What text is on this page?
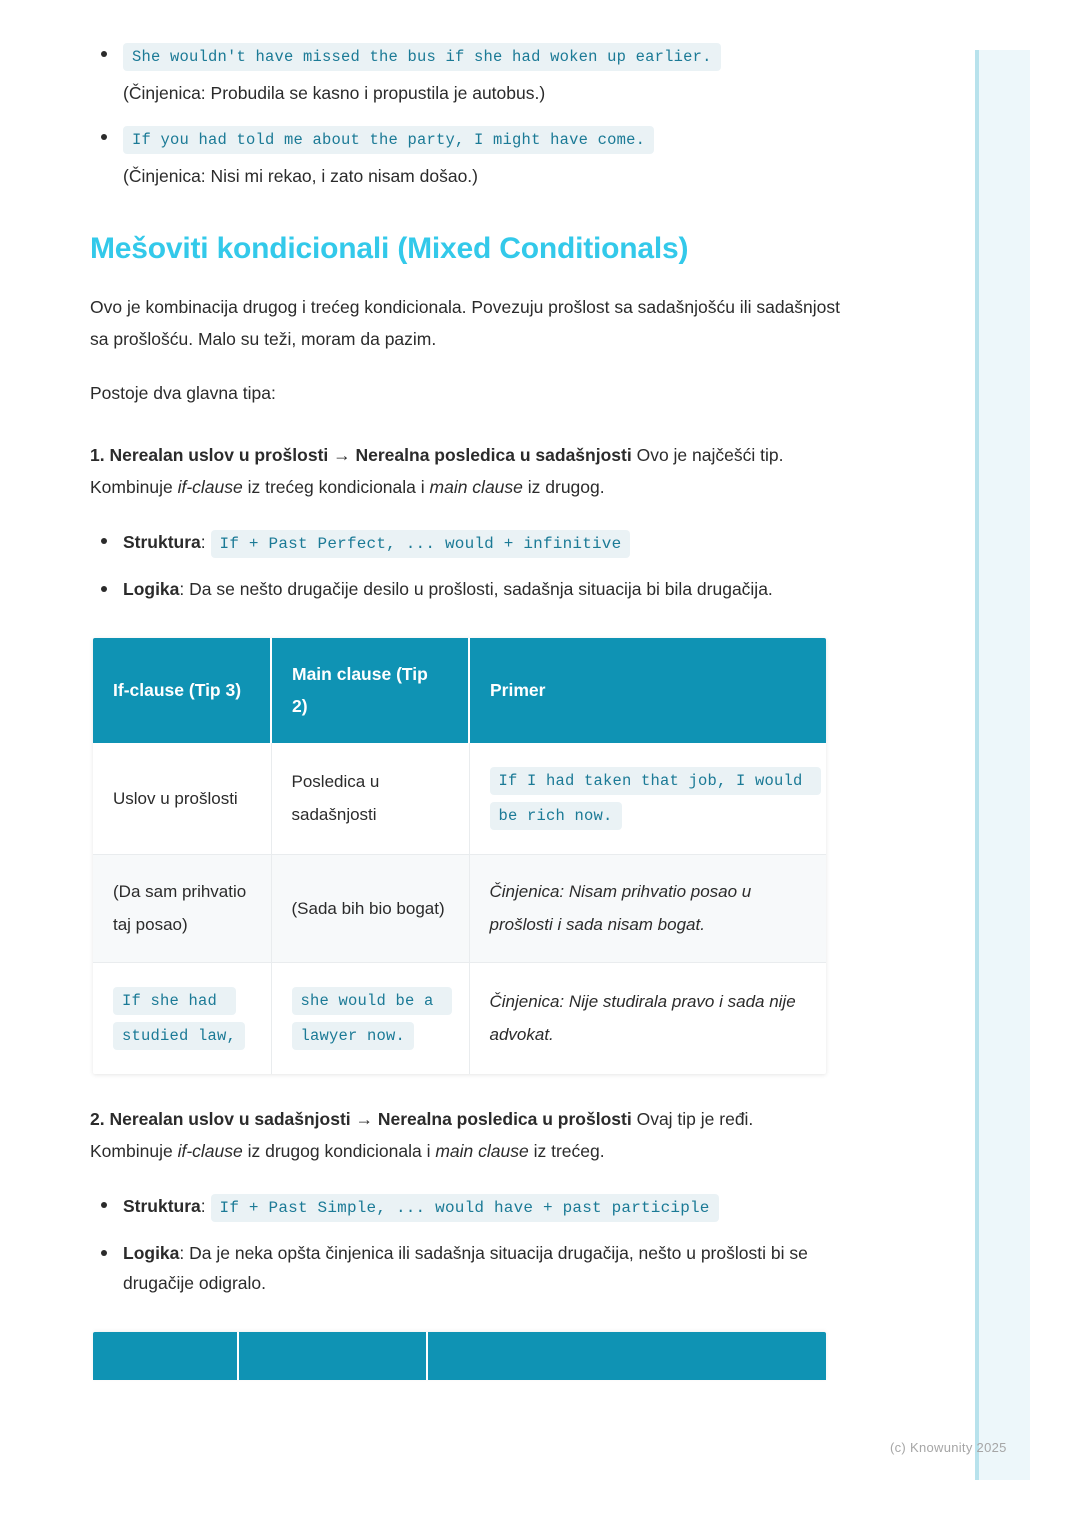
She wouldn't have missed the bus if she had woken up earlier.
(Činjenica: Probudila se kasno i propustila je autobus.)
If you had told me about the party, I might have come.
(Činjenica: Nisi mi rekao, i zato nisam došao.)
Mešoviti kondicionali (Mixed Conditionals)

Ovo je kombinacija drugog i trećeg kondicionala. Povezuju prošlost sa sadašnjošću ili sadašnjost sa prošlošću. Malo su teži, moram da pazim.

Postoje dva glavna tipa:

1. Nerealan uslov u prošlosti → Nerealna posledica u sadašnjosti Ovo je najčešći tip. Kombinuje if-clause iz trećeg kondicionala i main clause iz drugog.

Struktura: If + Past Perfect, ... would + infinitive
Logika: Da se nešto drugačije desilo u prošlosti, sadašnja situacija bi bila drugačija.
If-clause (Tip 3)	Main clause (Tip 2)	Primer
Uslov u prošlosti	Posledica u sadašnjosti	If I had taken that job, I would be rich now.
(Da sam prihvatio taj posao)	(Sada bih bio bogat)	Činjenica: Nisam prihvatio posao u prošlosti i sada nisam bogat.
If she had studied law,	she would be a lawyer now.	Činjenica: Nije studirala pravo i sada nije advokat.

2. Nerealan uslov u sadašnjosti → Nerealna posledica u prošlosti Ovaj tip je ređi. Kombinuje if-clause iz drugog kondicionala i main clause iz trećeg.

Struktura: If + Past Simple, ... would have + past participle
Logika: Da je neka opšta činjenica ili sadašnja situacija drugačija, nešto u prošlosti bi se drugačije odigralo.

(c) Knowunity 2025
